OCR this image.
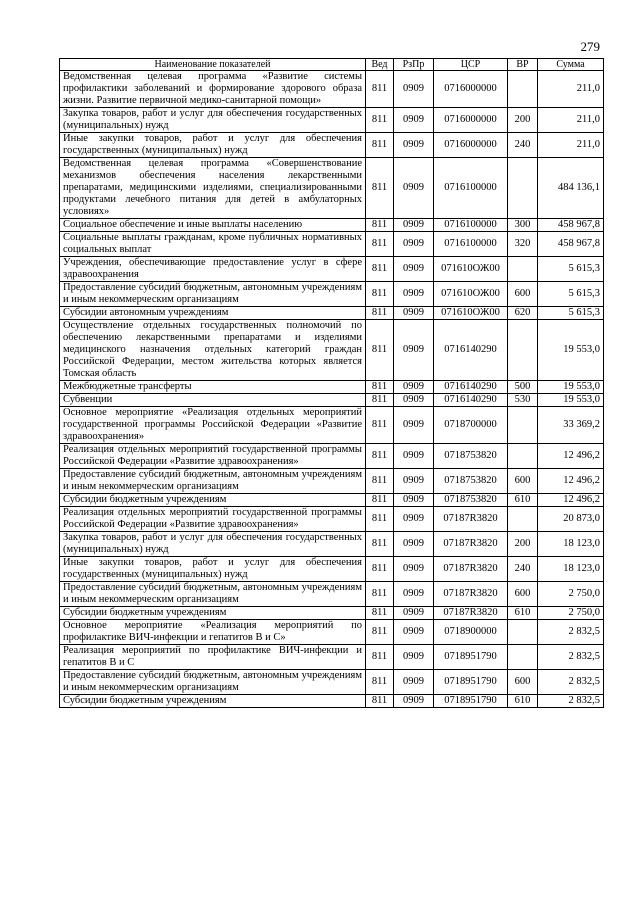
279
Наименование показателей	Вед	РзПр	ЦСР	ВР	Сумма
Ведомственная целевая программа «Развитие системы профилактики заболеваний и формирование здорового образа жизни. Развитие первичной медико-санитарной помощи»	811	0909	0716000000		211,0
Закупка товаров, работ и услуг для обеспечения государственных (муниципальных) нужд	811	0909	0716000000	200	211,0
Иные закупки товаров, работ и услуг для обеспечения государственных (муниципальных) нужд	811	0909	0716000000	240	211,0
Ведомственная целевая программа «Совершенствование механизмов обеспечения населения лекарственными препаратами, медицинскими изделиями, специализированными продуктами лечебного питания для детей в амбулаторных условиях»	811	0909	0716100000		484 136,1
Социальное обеспечение и иные выплаты населению	811	0909	0716100000	300	458 967,8
Социальные выплаты гражданам, кроме публичных нормативных социальных выплат	811	0909	0716100000	320	458 967,8
Учреждения, обеспечивающие предоставление услуг в сфере здравоохранения	811	0909	071610ОЖ00		5 615,3
Предоставление субсидий бюджетным, автономным учреждениям и иным некоммерческим организациям	811	0909	071610ОЖ00	600	5 615,3
Субсидии автономным учреждениям	811	0909	071610ОЖ00	620	5 615,3
Осуществление отдельных государственных полномочий по обеспечению лекарственными препаратами и изделиями медицинского назначения отдельных категорий граждан Российской Федерации, местом жительства которых является Томская область	811	0909	0716140290		19 553,0
Межбюджетные трансферты	811	0909	0716140290	500	19 553,0
Субвенции	811	0909	0716140290	530	19 553,0
Основное мероприятие «Реализация отдельных мероприятий государственной программы Российской Федерации «Развитие здравоохранения»	811	0909	0718700000		33 369,2
Реализация отдельных мероприятий государственной программы Российской Федерации «Развитие здравоохранения»	811	0909	0718753820		12 496,2
Предоставление субсидий бюджетным, автономным учреждениям и иным некоммерческим организациям	811	0909	0718753820	600	12 496,2
Субсидии бюджетным учреждениям	811	0909	0718753820	610	12 496,2
Реализация отдельных мероприятий государственной программы Российской Федерации «Развитие здравоохранения»	811	0909	07187R3820		20 873,0
Закупка товаров, работ и услуг для обеспечения государственных (муниципальных) нужд	811	0909	07187R3820	200	18 123,0
Иные закупки товаров, работ и услуг для обеспечения государственных (муниципальных) нужд	811	0909	07187R3820	240	18 123,0
Предоставление субсидий бюджетным, автономным учреждениям и иным некоммерческим организациям	811	0909	07187R3820	600	2 750,0
Субсидии бюджетным учреждениям	811	0909	07187R3820	610	2 750,0
Основное мероприятие «Реализация мероприятий по профилактике ВИЧ-инфекции и гепатитов В и С»	811	0909	0718900000		2 832,5
Реализация мероприятий по профилактике ВИЧ-инфекции и гепатитов В и С	811	0909	0718951790		2 832,5
Предоставление субсидий бюджетным, автономным учреждениям и иным некоммерческим организациям	811	0909	0718951790	600	2 832,5
Субсидии бюджетным учреждениям	811	0909	0718951790	610	2 832,5
